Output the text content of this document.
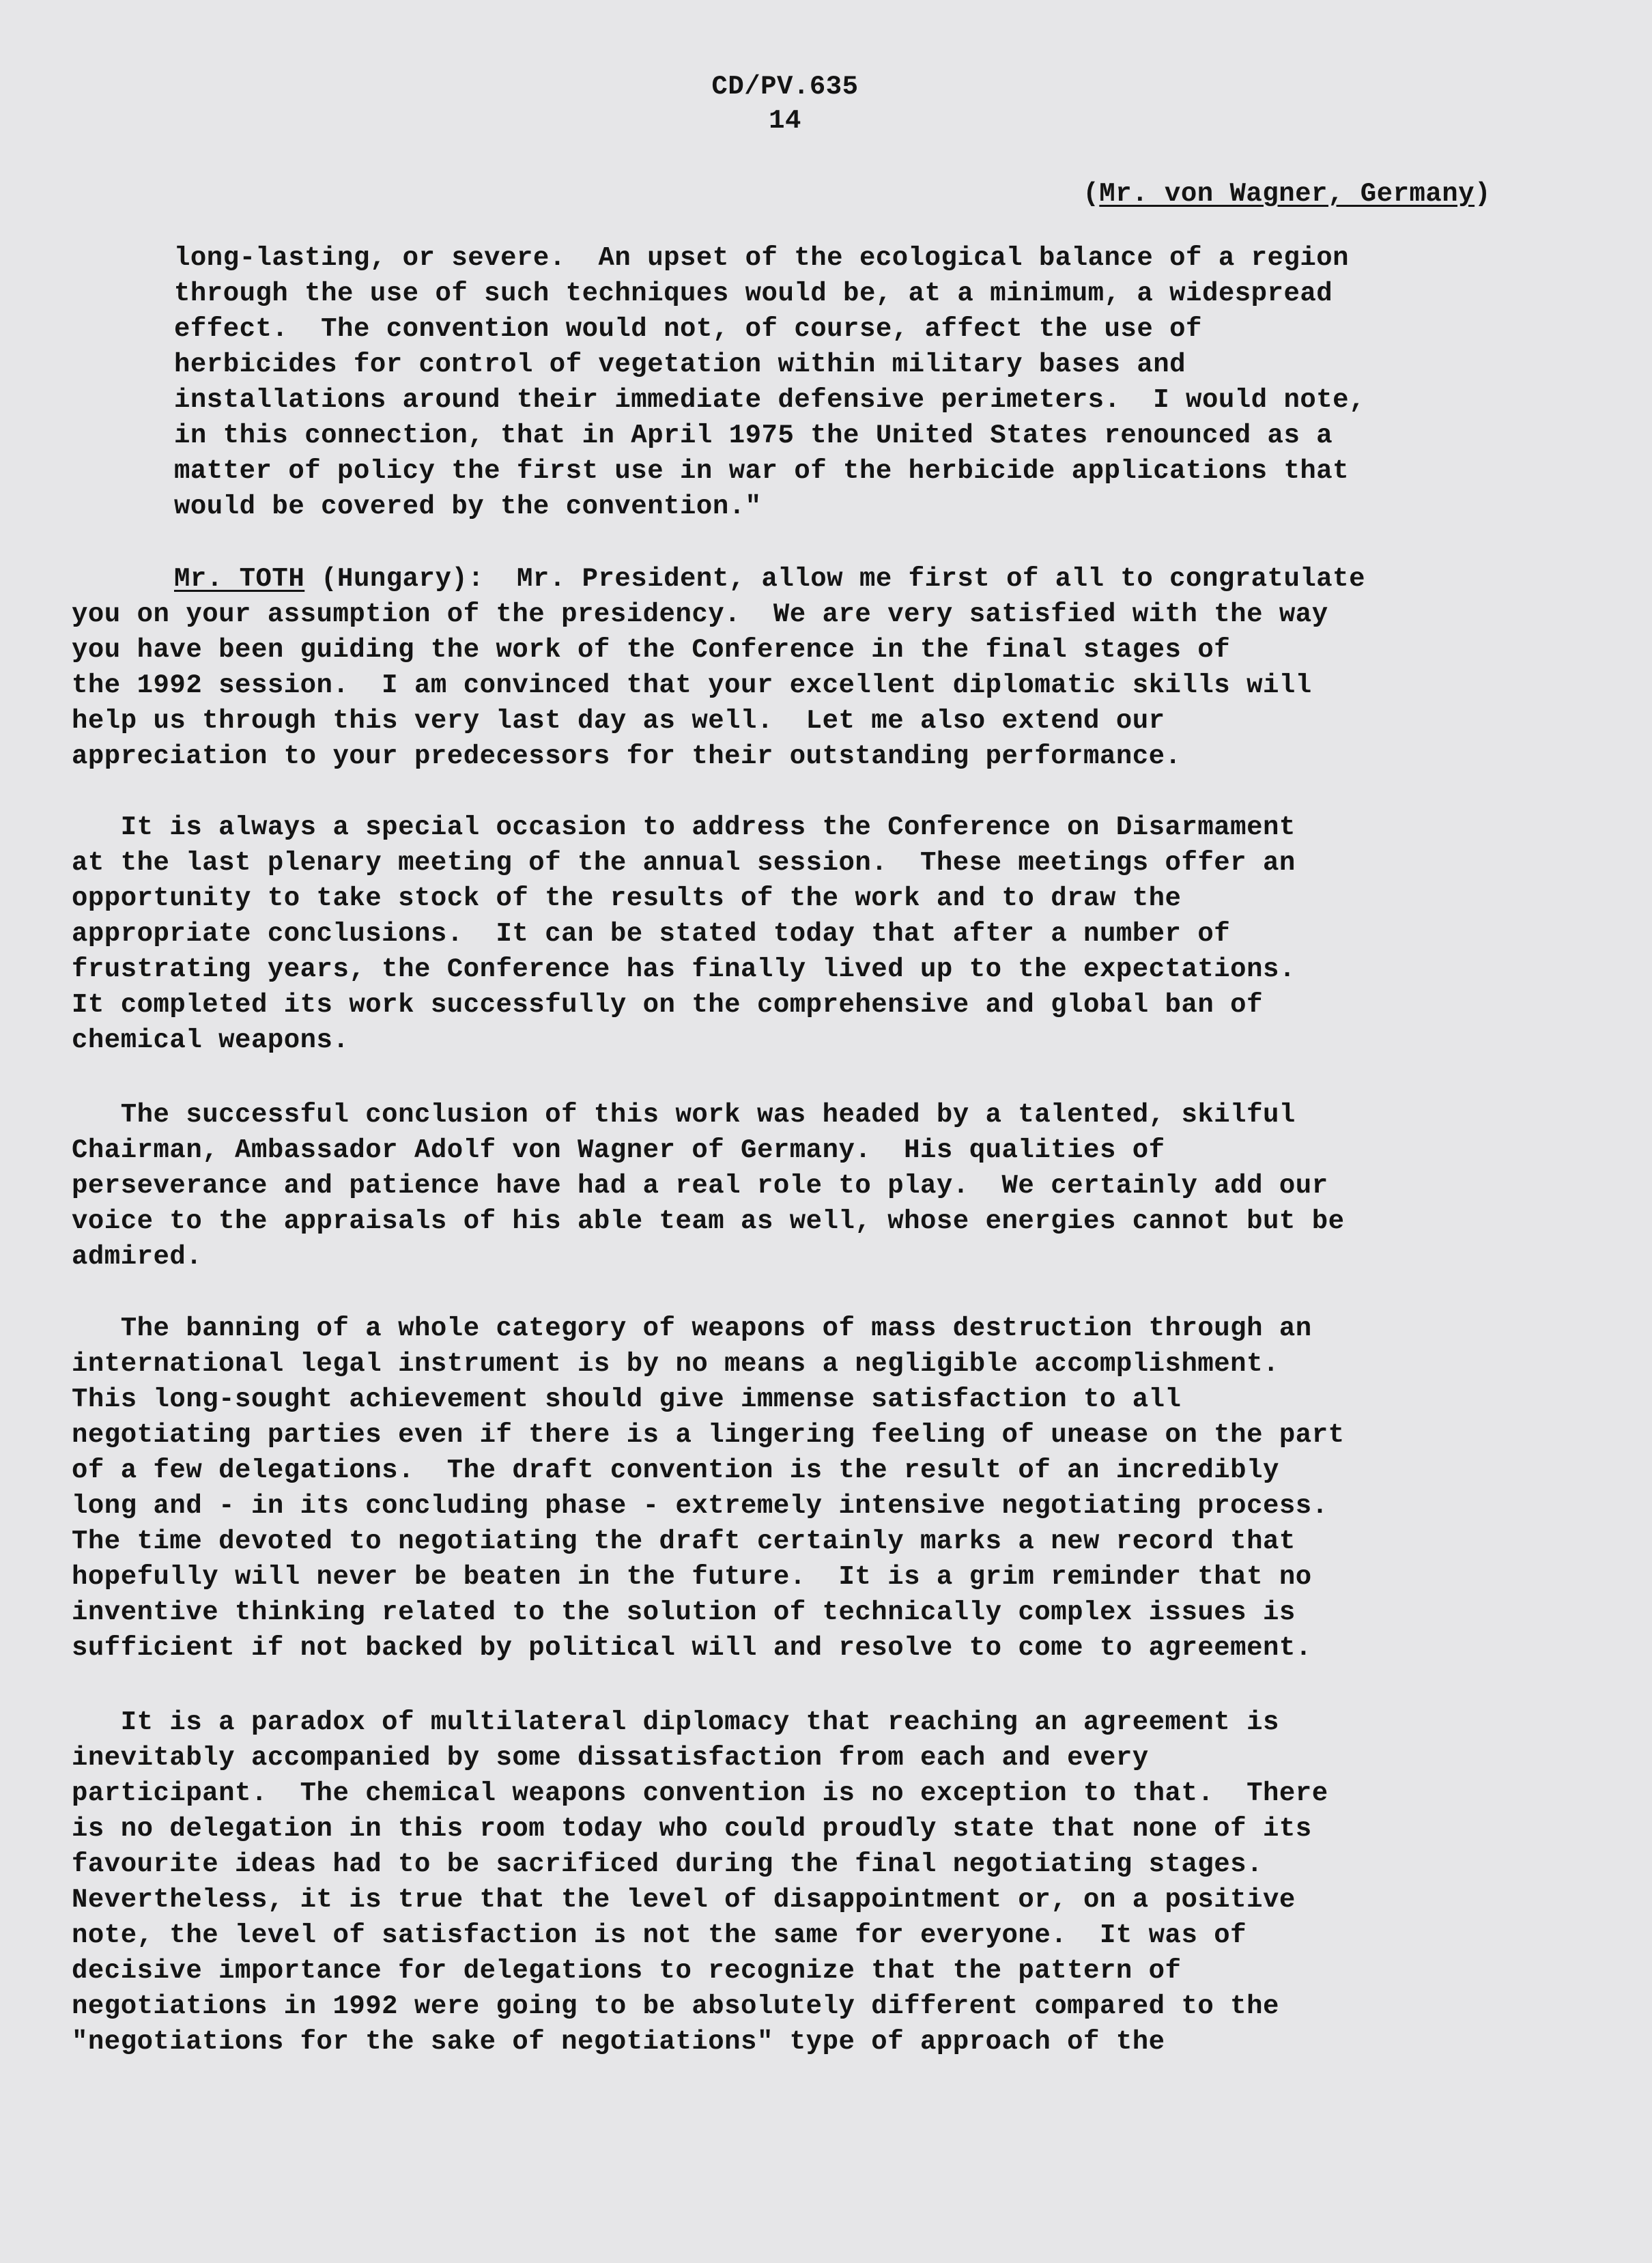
CD/PV.635
14
(Mr. von Wagner, Germany)
long-lasting, or severe.  An upset of the ecological balance of a region
through the use of such techniques would be, at a minimum, a widespread
effect.  The convention would not, of course, affect the use of
herbicides for control of vegetation within military bases and
installations around their immediate defensive perimeters.  I would note,
in this connection, that in April 1975 the United States renounced as a
matter of policy the first use in war of the herbicide applications that
would be covered by the convention."
Mr. TOTH (Hungary):  Mr. President, allow me first of all to congratulate
you on your assumption of the presidency.  We are very satisfied with the way
you have been guiding the work of the Conference in the final stages of
the 1992 session.  I am convinced that your excellent diplomatic skills will
help us through this very last day as well.  Let me also extend our
appreciation to your predecessors for their outstanding performance.
It is always a special occasion to address the Conference on Disarmament
at the last plenary meeting of the annual session.  These meetings offer an
opportunity to take stock of the results of the work and to draw the
appropriate conclusions.  It can be stated today that after a number of
frustrating years, the Conference has finally lived up to the expectations.
It completed its work successfully on the comprehensive and global ban of
chemical weapons.
The successful conclusion of this work was headed by a talented, skilful
Chairman, Ambassador Adolf von Wagner of Germany.  His qualities of
perseverance and patience have had a real role to play.  We certainly add our
voice to the appraisals of his able team as well, whose energies cannot but be
admired.
The banning of a whole category of weapons of mass destruction through an
international legal instrument is by no means a negligible accomplishment.
This long-sought achievement should give immense satisfaction to all
negotiating parties even if there is a lingering feeling of unease on the part
of a few delegations.  The draft convention is the result of an incredibly
long and - in its concluding phase - extremely intensive negotiating process.
The time devoted to negotiating the draft certainly marks a new record that
hopefully will never be beaten in the future.  It is a grim reminder that no
inventive thinking related to the solution of technically complex issues is
sufficient if not backed by political will and resolve to come to agreement.
It is a paradox of multilateral diplomacy that reaching an agreement is
inevitably accompanied by some dissatisfaction from each and every
participant.  The chemical weapons convention is no exception to that.  There
is no delegation in this room today who could proudly state that none of its
favourite ideas had to be sacrificed during the final negotiating stages.
Nevertheless, it is true that the level of disappointment or, on a positive
note, the level of satisfaction is not the same for everyone.  It was of
decisive importance for delegations to recognize that the pattern of
negotiations in 1992 were going to be absolutely different compared to the
"negotiations for the sake of negotiations" type of approach of the
